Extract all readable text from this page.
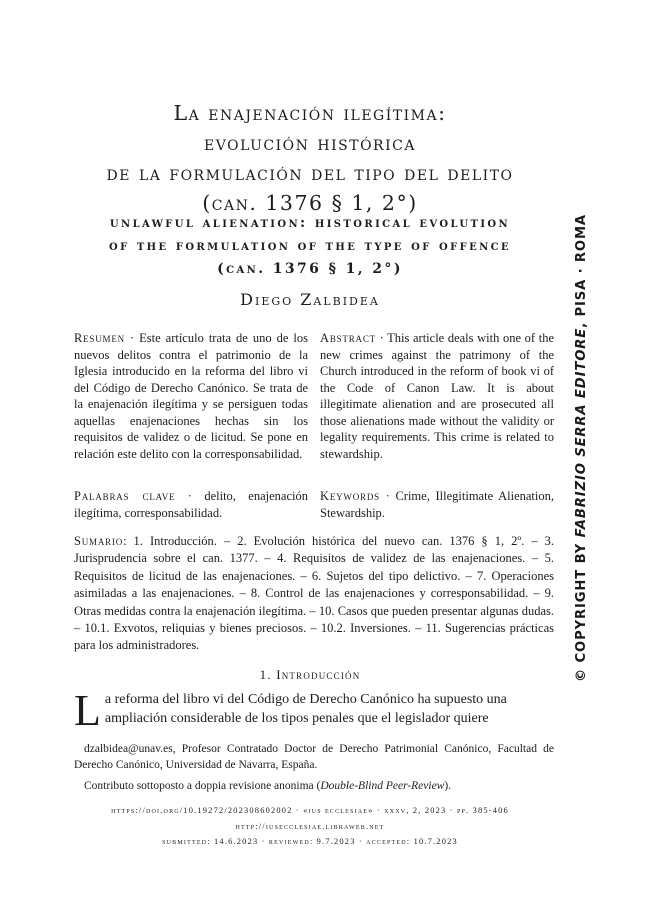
La enajenación ilegítima:
evolución histórica
de la formulación del tipo del delito
(can. 1376 § 1, 2°)
unlawful alienation: historical evolution
of the formulation of the type of offence
(can. 1376 § 1, 2°)
Diego Zalbidea

Resumen · Este artículo trata de uno de los nuevos delitos contra el patrimonio de la Iglesia introducido en la reforma del libro vi del Código de Derecho Canónico. Se trata de la enajenación ilegítima y se persiguen todas aquellas enajenaciones hechas sin los requisitos de validez o de licitud. Se pone en relación este delito con la corresponsabilidad.

Abstract · This article deals with one of the new crimes against the patrimony of the Church introduced in the reform of book vi of the Code of Canon Law. It is about illegitimate alienation and are prosecuted all those alienations made without the validity or legality requirements. This crime is related to stewardship.

Palabras clave · delito, enajenación ilegítima, corresponsabilidad.
Keywords · Crime, Illegitimate Alienation, Stewardship.
Sumario: 1. Introducción. – 2. Evolución histórica del nuevo can. 1376 § 1, 2º. – 3. Jurisprudencia sobre el can. 1377. – 4. Requisitos de validez de las enajenaciones. – 5. Requisitos de licitud de las enajenaciones. – 6. Sujetos del tipo delictivo. – 7. Operaciones asimiladas a las enajenaciones. – 8. Control de las enajenaciones y corresponsabilidad. – 9. Otras medidas contra la enajenación ilegítima. – 10. Casos que pueden presentar algunas dudas. – 10.1. Exvotos, reliquias y bienes preciosos. – 10.2. Inversiones. – 11. Sugerencias prácticas para los administradores.
1. Introducción
L a reforma del libro vi del Código de Derecho Canónico ha supuesto una
ampliación considerable de los tipos penales que el legislador quiere

dzalbidea@unav.es, Profesor Contratado Doctor de Derecho Patrimonial Canónico, Facultad de Derecho Canónico, Universidad de Navarra, España.

Contributo sottoposto a doppia revisione anonima (Double-Blind Peer-Review).

https://doi.org/10.19272/202308602002 · «ius ecclesiae» · xxxv, 2, 2023 · pp. 385-406
http://iusecclesiae.libraweb.net
submitted: 14.6.2023 · reviewed: 9.7.2023 · accepted: 10.7.2023
© COPYRIGHT BY FABRIZIO SERRA EDITORE, PISA · ROMA
